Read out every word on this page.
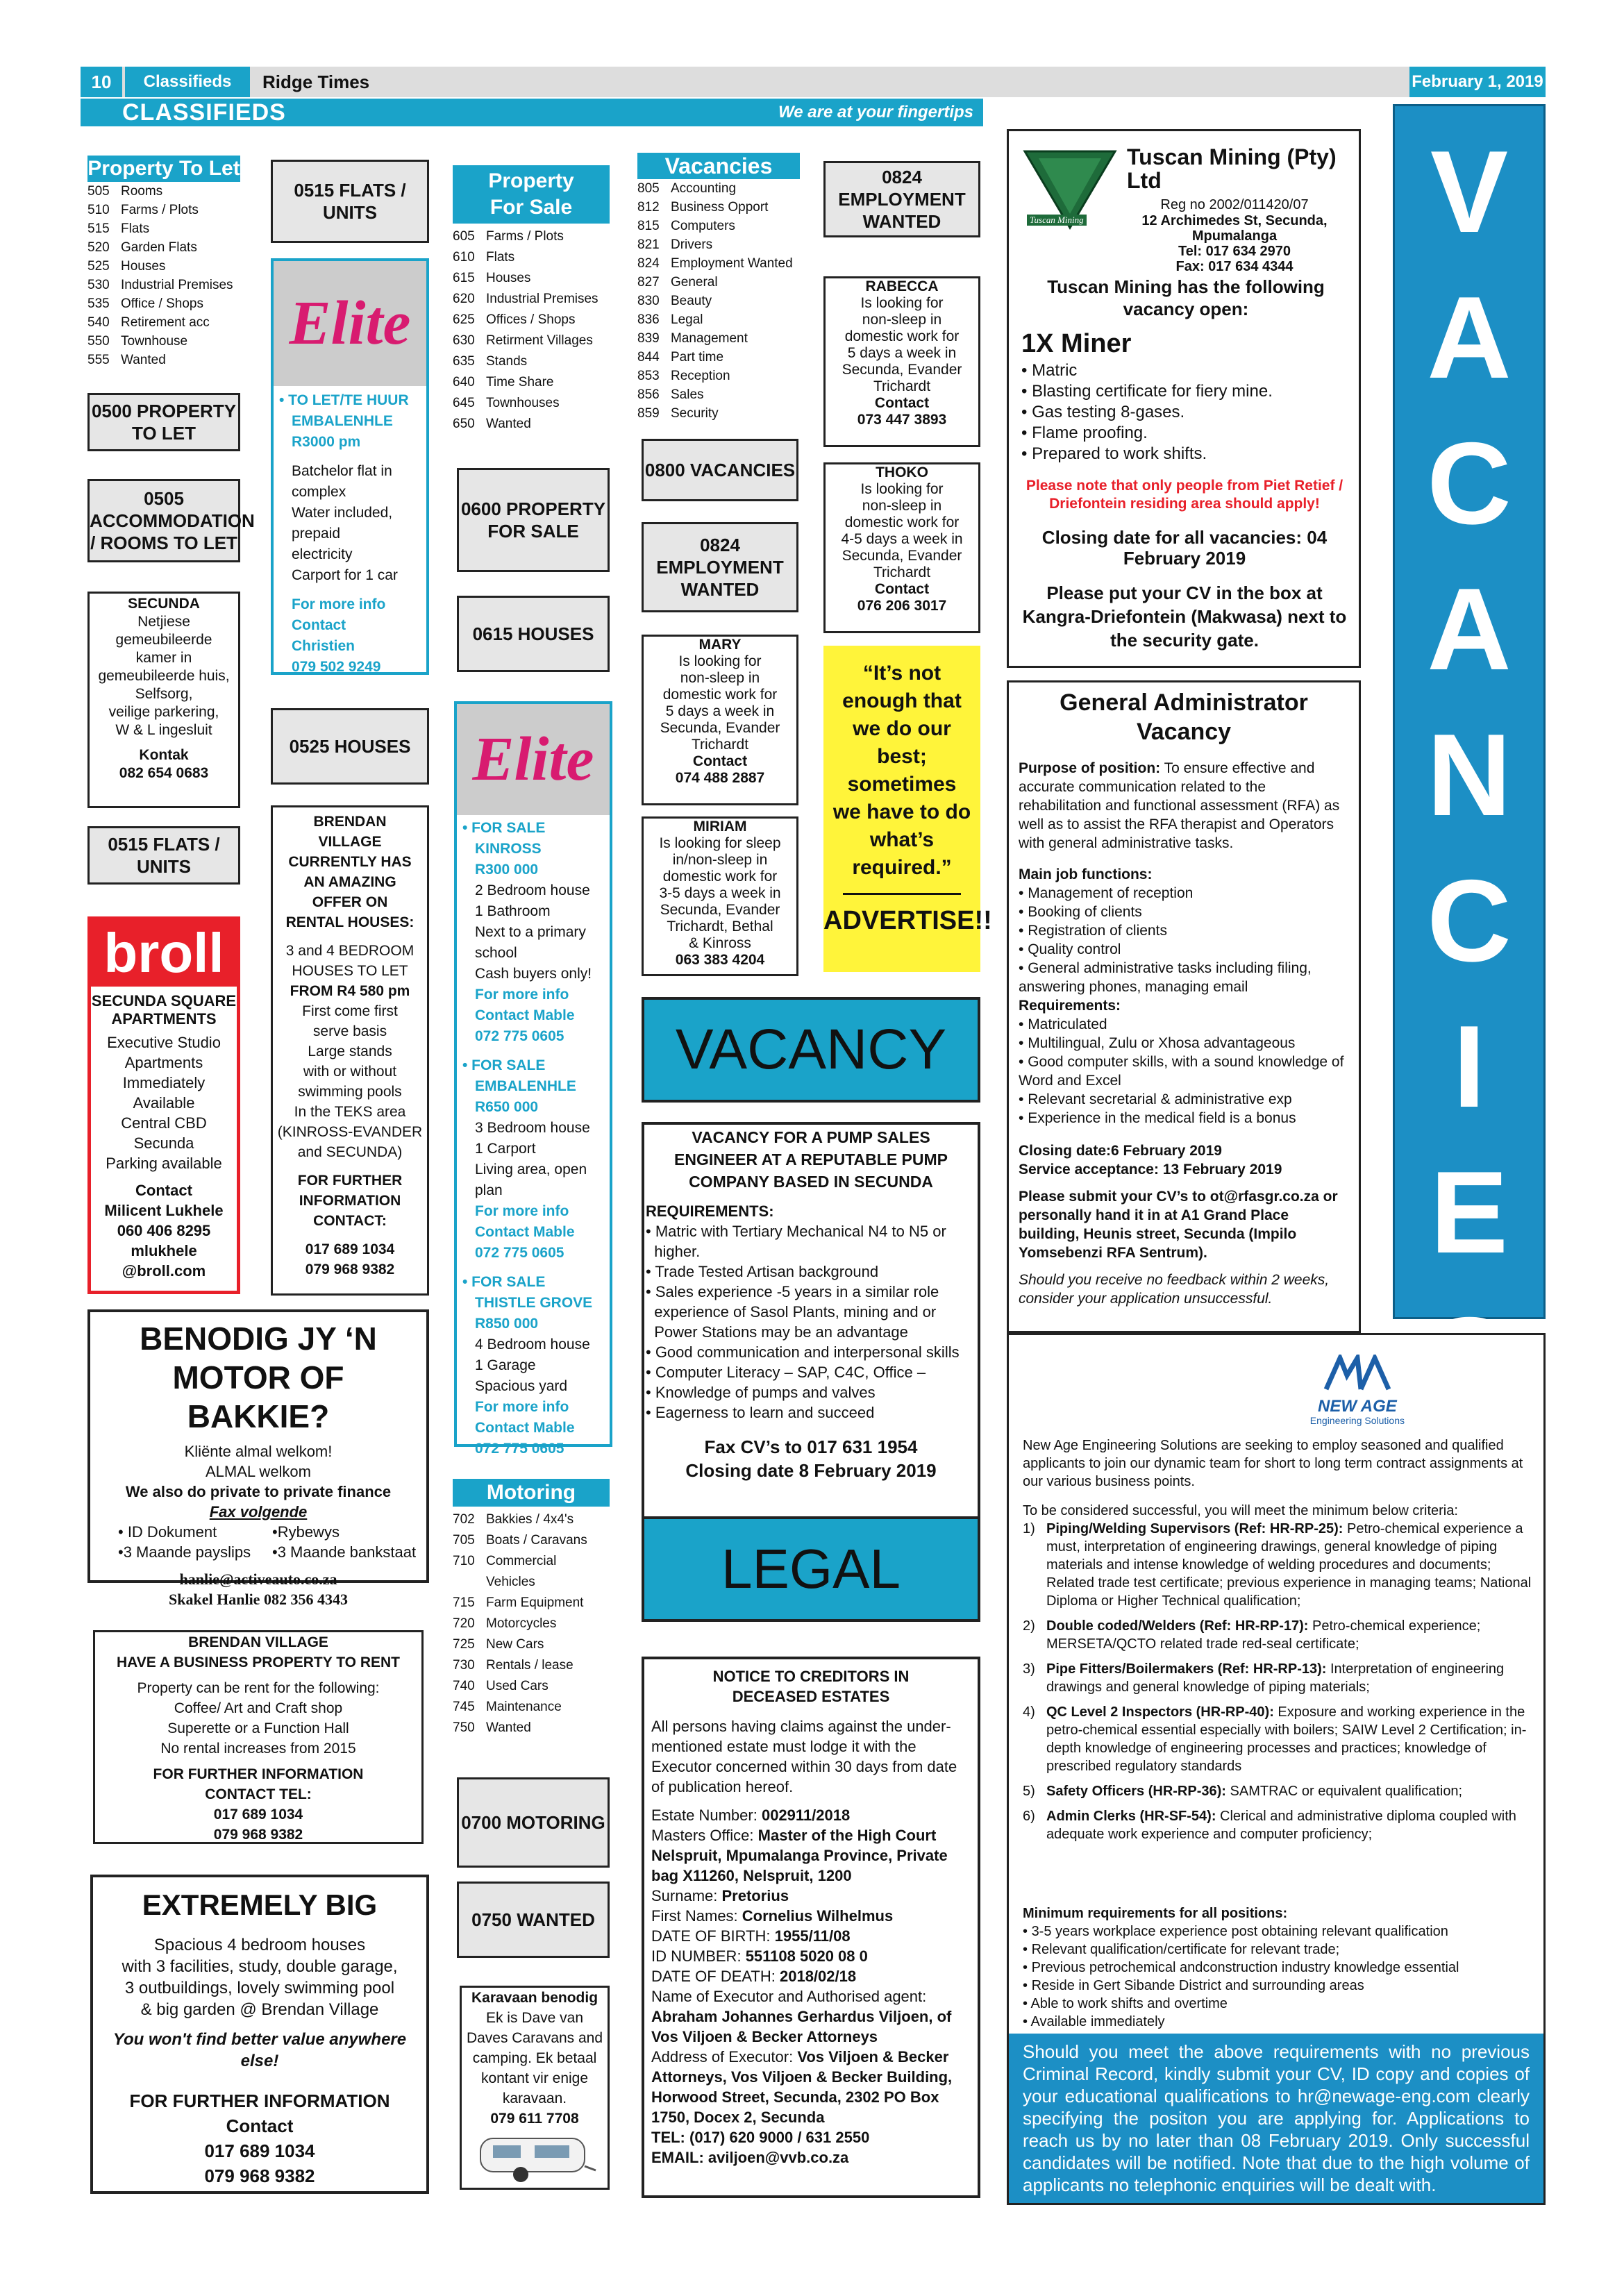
10	Classifieds	Ridge Times	February 1, 2019
CLASSIFIEDS	We are at your fingertips
Property To Let
505 Rooms
510 Farms / Plots
515 Flats
520 Garden Flats
525 Houses
530 Industrial Premises
535 Office / Shops
540 Retirement acc
550 Townhouse
555 Wanted
0500 PROPERTY TO LET
0505 ACCOMMODATION / ROOMS TO LET
SECUNDA
Netjiese
gemeubileerde
kamer in
gemeubileerde huis,
Selfsorg,
veilige parkering,
W & L ingesluit
Kontak
082 654 0683
0515 FLATS / UNITS
broll
SECUNDA SQUARE APARTMENTS
Executive Studio
Apartments
Immediately
Available
Central CBD
Secunda
Parking available
Contact
Milicent Lukhele
060 406 8295
mlukhele
@broll.com
0515 FLATS / UNITS
Elite
• TO LET/TE HUUR
EMBALENHLE
R3000 pm
Batchelor flat in
complex
Water included,
prepaid
electricity
Carport for 1 car
For more info
Contact
Christien
079 502 9249
0525 HOUSES
BRENDAN
VILLAGE
CURRENTLY HAS
AN AMAZING
OFFER ON
RENTAL HOUSES:
3 and 4 BEDROOM
HOUSES TO LET
FROM R4 580 pm
First come first
serve basis
Large stands
with or without
swimming pools
In the TEKS area
(KINROSS-EVANDER
and SECUNDA)
FOR FURTHER
INFORMATION
CONTACT:
017 689 1034
079 968 9382
BENODIG JY ‘N MOTOR OF BAKKIE?
Kliënte almal welkom!
ALMAL welkom
We also do private to private finance
Fax volgende
• ID Dokument	•Rybewys
•3 Maande payslips	•3 Maande bankstaat
hanlie@activeauto.co.za
Skakel Hanlie 082 356 4343
BRENDAN VILLAGE
HAVE A BUSINESS PROPERTY TO RENT
Property can be rent for the following:
Coffee/ Art and Craft shop
Superette or a Function Hall
No rental increases from 2015
FOR FURTHER INFORMATION
CONTACT TEL:
017 689 1034
079 968 9382
EXTREMELY BIG
Spacious 4 bedroom houses
with 3 facilities, study, double garage,
3 outbuildings, lovely swimming pool
& big garden @ Brendan Village
You won't find better value anywhere else!
FOR FURTHER INFORMATION
Contact
017 689 1034
079 968 9382
Property For Sale
605 Farms / Plots
610 Flats
615 Houses
620 Industrial Premises
625 Offices / Shops
630 Retirment Villages
635 Stands
640 Time Share
645 Townhouses
650 Wanted
0600 PROPERTY FOR SALE
0615 HOUSES
Elite
• FOR SALE
KINROSS
R300 000
2 Bedroom house
1 Bathroom
Next to a primary
school
Cash buyers only!
For more info
Contact Mable
072 775 0605
• FOR SALE
EMBALENHLE
R650 000
3 Bedroom house
1 Carport
Living area, open
plan
For more info
Contact Mable
072 775 0605
• FOR SALE
THISTLE GROVE
R850 000
4 Bedroom house
1 Garage
Spacious yard
For more info
Contact Mable
072 775 0605
Motoring
702 Bakkies / 4x4's
705 Boats / Caravans
710 Commercial
Vehicles
715 Farm Equipment
720 Motorcycles
725 New Cars
730 Rentals / lease
740 Used Cars
745 Maintenance
750 Wanted
0700 MOTORING
0750 WANTED
Karavaan benodig
Ek is Dave van
Daves Caravans and
camping. Ek betaal
kontant vir enige
karavaan.
079 611 7708
Vacancies
805 Accounting
812 Business Opport
815 Computers
821 Drivers
824 Employment Wanted
827 General
830 Beauty
836 Legal
839 Management
844 Part time
853 Reception
856 Sales
859 Security
0800 VACANCIES
0824 EMPLOYMENT WANTED
MARY
Is looking for
non-sleep in
domestic work for
5 days a week in
Secunda, Evander
Trichardt
Contact
074 488 2887
MIRIAM
Is looking for sleep
in/non-sleep in
domestic work for
3-5 days a week in
Secunda, Evander
Trichardt, Bethal
& Kinross
063 383 4204
0824 EMPLOYMENT WANTED
RABECCA
Is looking for
non-sleep in
domestic work for
5 days a week in
Secunda, Evander
Trichardt
Contact
073 447 3893
THOKO
Is looking for
non-sleep in
domestic work for
4-5 days a week in
Secunda, Evander
Trichardt
Contact
076 206 3017
“It’s not
enough that
we do our
best;
sometimes
we have to do
what’s
required.”
ADVERTISE!!
VACANCY
VACANCY FOR A PUMP SALES
ENGINEER AT A REPUTABLE PUMP
COMPANY BASED IN SECUNDA
REQUIREMENTS:
• Matric with Tertiary Mechanical N4 to N5 or
higher.
• Trade Tested Artisan background
• Sales experience -5 years in a similar role
experience of Sasol Plants, mining and or
Power Stations may be an advantage
• Good communication and interpersonal skills
• Computer Literacy – SAP, C4C, Office –
• Knowledge of pumps and valves
• Eagerness to learn and succeed
Fax CV’s to 017 631 1954
Closing date 8 February 2019
LEGAL
NOTICE TO CREDITORS IN
DECEASED ESTATES
All persons having claims against the under-mentioned estate must lodge it with the Executor concerned within 30 days from date of publication hereof.
Estate Number: 002911/2018
Masters Office: Master of the High Court Nelspruit, Mpumalanga Province, Private bag X11260, Nelspruit, 1200
Surname: Pretorius
First Names: Cornelius Wilhelmus
DATE OF BIRTH: 1955/11/08
ID NUMBER: 551108 5020 08 0
DATE OF DEATH: 2018/02/18
Name of Executor and Authorised agent: Abraham Johannes Gerhardus Viljoen, of Vos Viljoen & Becker Attorneys
Address of Executor: Vos Viljoen & Becker Attorneys, Vos Viljoen & Becker Building, Horwood Street, Secunda, 2302 PO Box 1750, Docex 2, Secunda
TEL: (017) 620 9000 / 631 2550
EMAIL: aviljoen@vvb.co.za
Tuscan Mining
Tuscan Mining (Pty) Ltd
Reg no 2002/011420/07
12 Archimedes St, Secunda,
Mpumalanga
Tel: 017 634 2970
Fax: 017 634 4344
Tuscan Mining has the following vacancy open:
1X Miner
• Matric
• Blasting certificate for fiery mine.
• Gas testing 8-gases.
• Flame proofing.
• Prepared to work shifts.
Please note that only people from Piet Retief / Driefontein residing area should apply!
Closing date for all vacancies: 04 February 2019
Please put your CV in the box at Kangra-Driefontein (Makwasa) next to the security gate.
General Administrator Vacancy
Purpose of position: To ensure effective and accurate communication related to the rehabilitation and functional assessment (RFA) as well as to assist the RFA therapist and Operators with general administrative tasks.
Main job functions:
• Management of reception
• Booking of clients
• Registration of clients
• Quality control
• General administrative tasks including filing, answering phones, managing email
Requirements:
• Matriculated
• Multilingual, Zulu or Xhosa advantageous
• Good computer skills, with a sound knowledge of Word and Excel
• Relevant secretarial & administrative exp
• Experience in the medical field is a bonus
Closing date:6 February 2019
Service acceptance: 13 February 2019
Please submit your CV’s to ot@rfasgr.co.za or personally hand it in at A1 Grand Place building, Heunis street, Secunda (Impilo Yomsebenzi RFA Sentrum).
Should you receive no feedback within 2 weeks, consider your application unsuccessful.
V
A
C
A
N
C
I
E
S
NEW AGE
Engineering Solutions
New Age Engineering Solutions are seeking to employ seasoned and qualified applicants to join our dynamic team for short to long term contract assignments at our various business points.
To be considered successful, you will meet the minimum below criteria:
1) Piping/Welding Supervisors (Ref: HR-RP-25): Petro-chemical experience a must, interpretation of engineering drawings, general knowledge of piping materials and intense knowledge of welding procedures and documents; Related trade test certificate; previous experience in managing teams; National Diploma or Higher Technical qualification;
2) Double coded/Welders (Ref: HR-RP-17): Petro-chemical experience; MERSETA/QCTO related trade red-seal certificate;
3) Pipe Fitters/Boilermakers (Ref: HR-RP-13): Interpretation of engineering drawings and general knowledge of piping materials;
4) QC Level 2 Inspectors (HR-RP-40): Exposure and working experience in the petro-chemical essential especially with boilers; SAIW Level 2 Certification; in-depth knowledge of engineering processes and practices; knowledge of prescribed regulatory standards
5) Safety Officers (HR-RP-36): SAMTRAC or equivalent qualification;
6) Admin Clerks (HR-SF-54): Clerical and administrative diploma coupled with adequate work experience and computer proficiency;
Minimum requirements for all positions:
• 3-5 years workplace experience post obtaining relevant qualification
• Relevant qualification/certificate for relevant trade;
• Previous petrochemical andconstruction industry knowledge essential
• Reside in Gert Sibande District and surrounding areas
• Able to work shifts and overtime
• Available immediately
Should you meet the above requirements with no previous Criminal Record, kindly submit your CV, ID copy and copies of your educational qualifications to hr@newage-eng.com clearly specifying the positon you are applying for. Applications to reach us by no later than 08 February 2019. Only successful candidates will be notified. Note that due to the high volume of applicants no telephonic enquiries will be dealt with.
